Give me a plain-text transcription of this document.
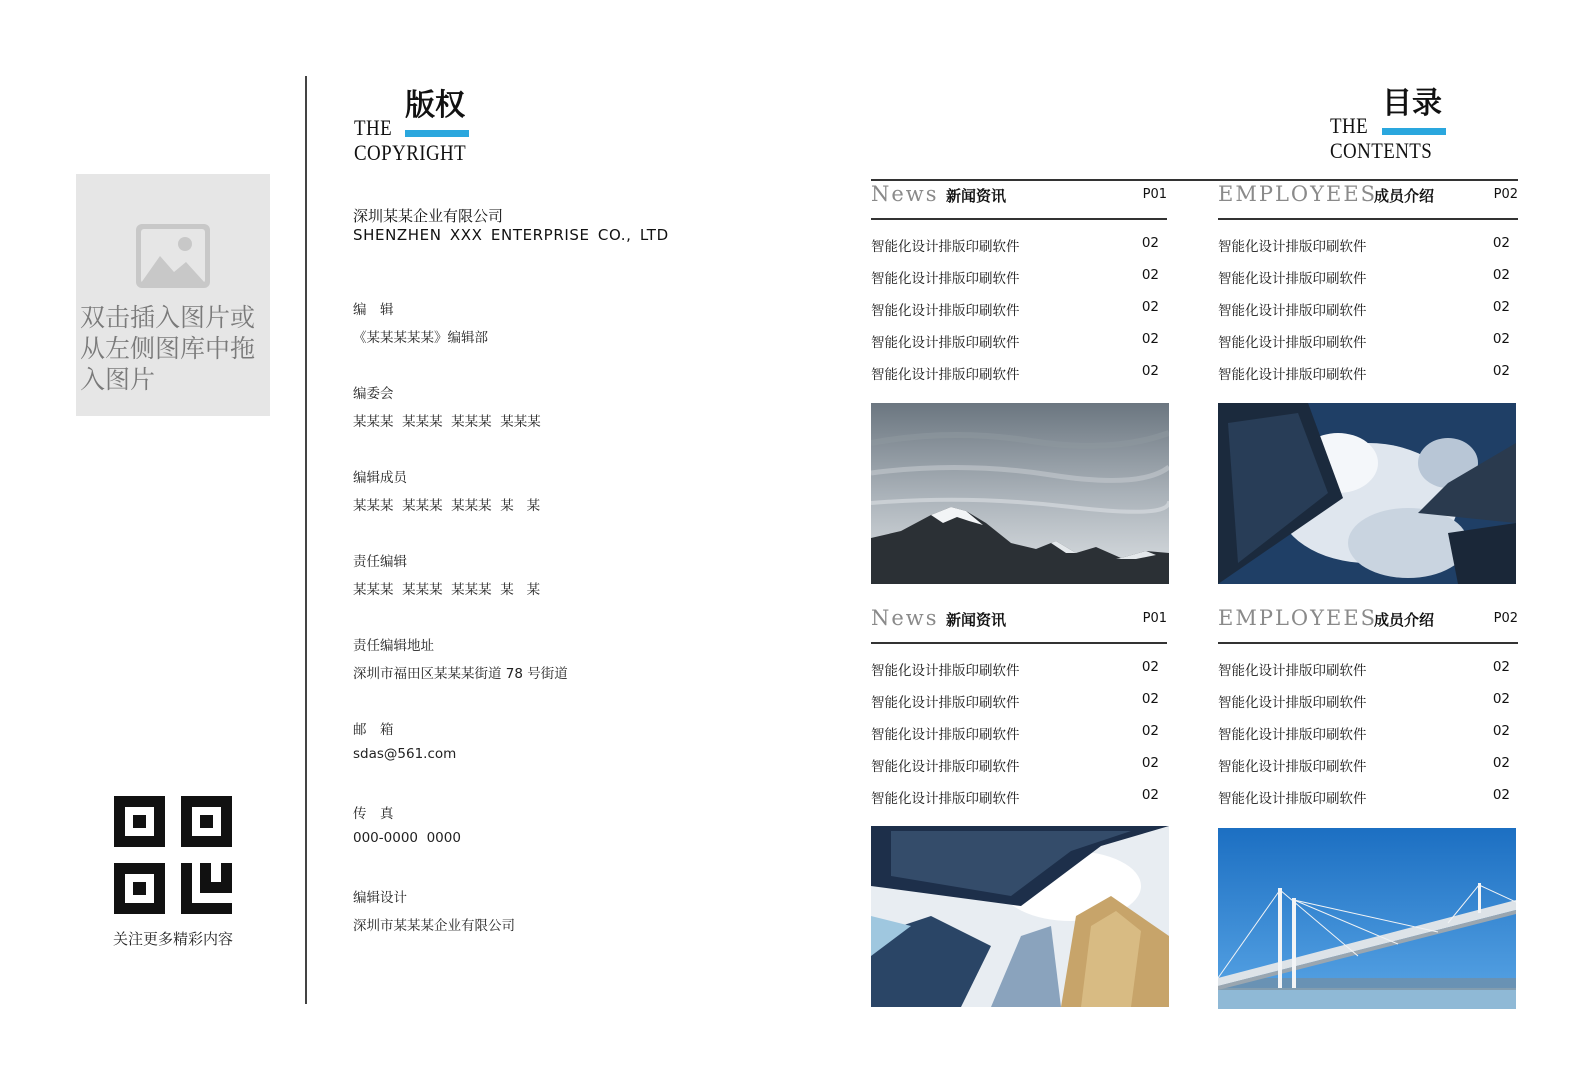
双击插入图片或从左侧图库中拖入图片
关注更多精彩内容
THE
COPYRIGHT
版权
深圳某某企业有限公司
SHENZHEN XXX ENTERPRISE CO., LTD
编　辑
《某某某某某》编辑部
编委会
某某某  某某某  某某某  某某某
编辑成员
某某某  某某某  某某某  某   某
责任编辑
某某某  某某某  某某某  某   某
责任编辑地址
深圳市福田区某某某街道 78 号街道
邮　箱
sdas@561.com
传　真
000-0000  0000
编辑设计
深圳市某某某企业有限公司
THE
CONTENTS
目录
News 新闻资讯	P01
智能化设计排版印刷软件	02
智能化设计排版印刷软件	02
智能化设计排版印刷软件	02
智能化设计排版印刷软件	02
智能化设计排版印刷软件	02
EMPLOYEES
成员介绍	P02
智能化设计排版印刷软件	02
智能化设计排版印刷软件	02
智能化设计排版印刷软件	02
智能化设计排版印刷软件	02
智能化设计排版印刷软件	02
News 新闻资讯	P01
智能化设计排版印刷软件	02
智能化设计排版印刷软件	02
智能化设计排版印刷软件	02
智能化设计排版印刷软件	02
智能化设计排版印刷软件	02
EMPLOYEES
成员介绍	P02
智能化设计排版印刷软件	02
智能化设计排版印刷软件	02
智能化设计排版印刷软件	02
智能化设计排版印刷软件	02
智能化设计排版印刷软件	02
